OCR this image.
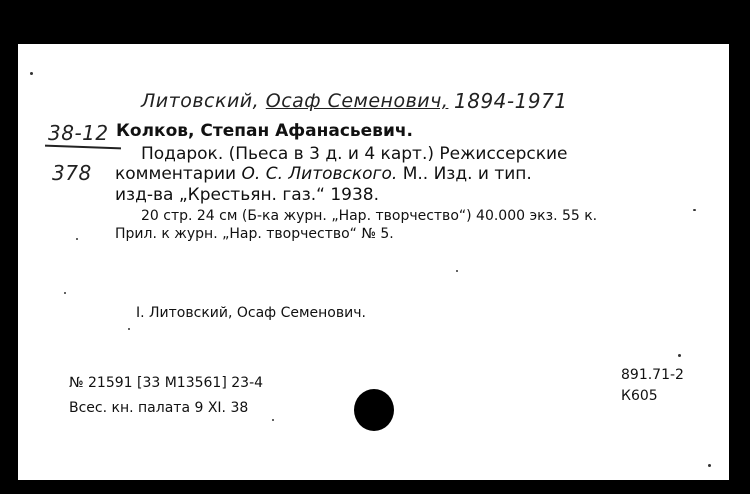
Литовский, Осаф Семенович, 1894-1971
38-12
378
Колков, Степан Афанасьевич.
Подарок. (Пьеса в 3 д. и 4 карт.) Режиссерские
комментарии О. С. Литовского. М.. Изд. и тип.
изд-ва „Крестьян. газ.“ 1938.
20 стр. 24 см (Б-ка журн. „Нар. творчество“) 40.000 экз. 55 к.
Прил. к журн. „Нар. творчество“ № 5.
I. Литовский, Осаф Семенович.
№ 21591 [33 М13561] 23-4
Всес. кн. палата 9 XI. 38
891.71-2
К605
